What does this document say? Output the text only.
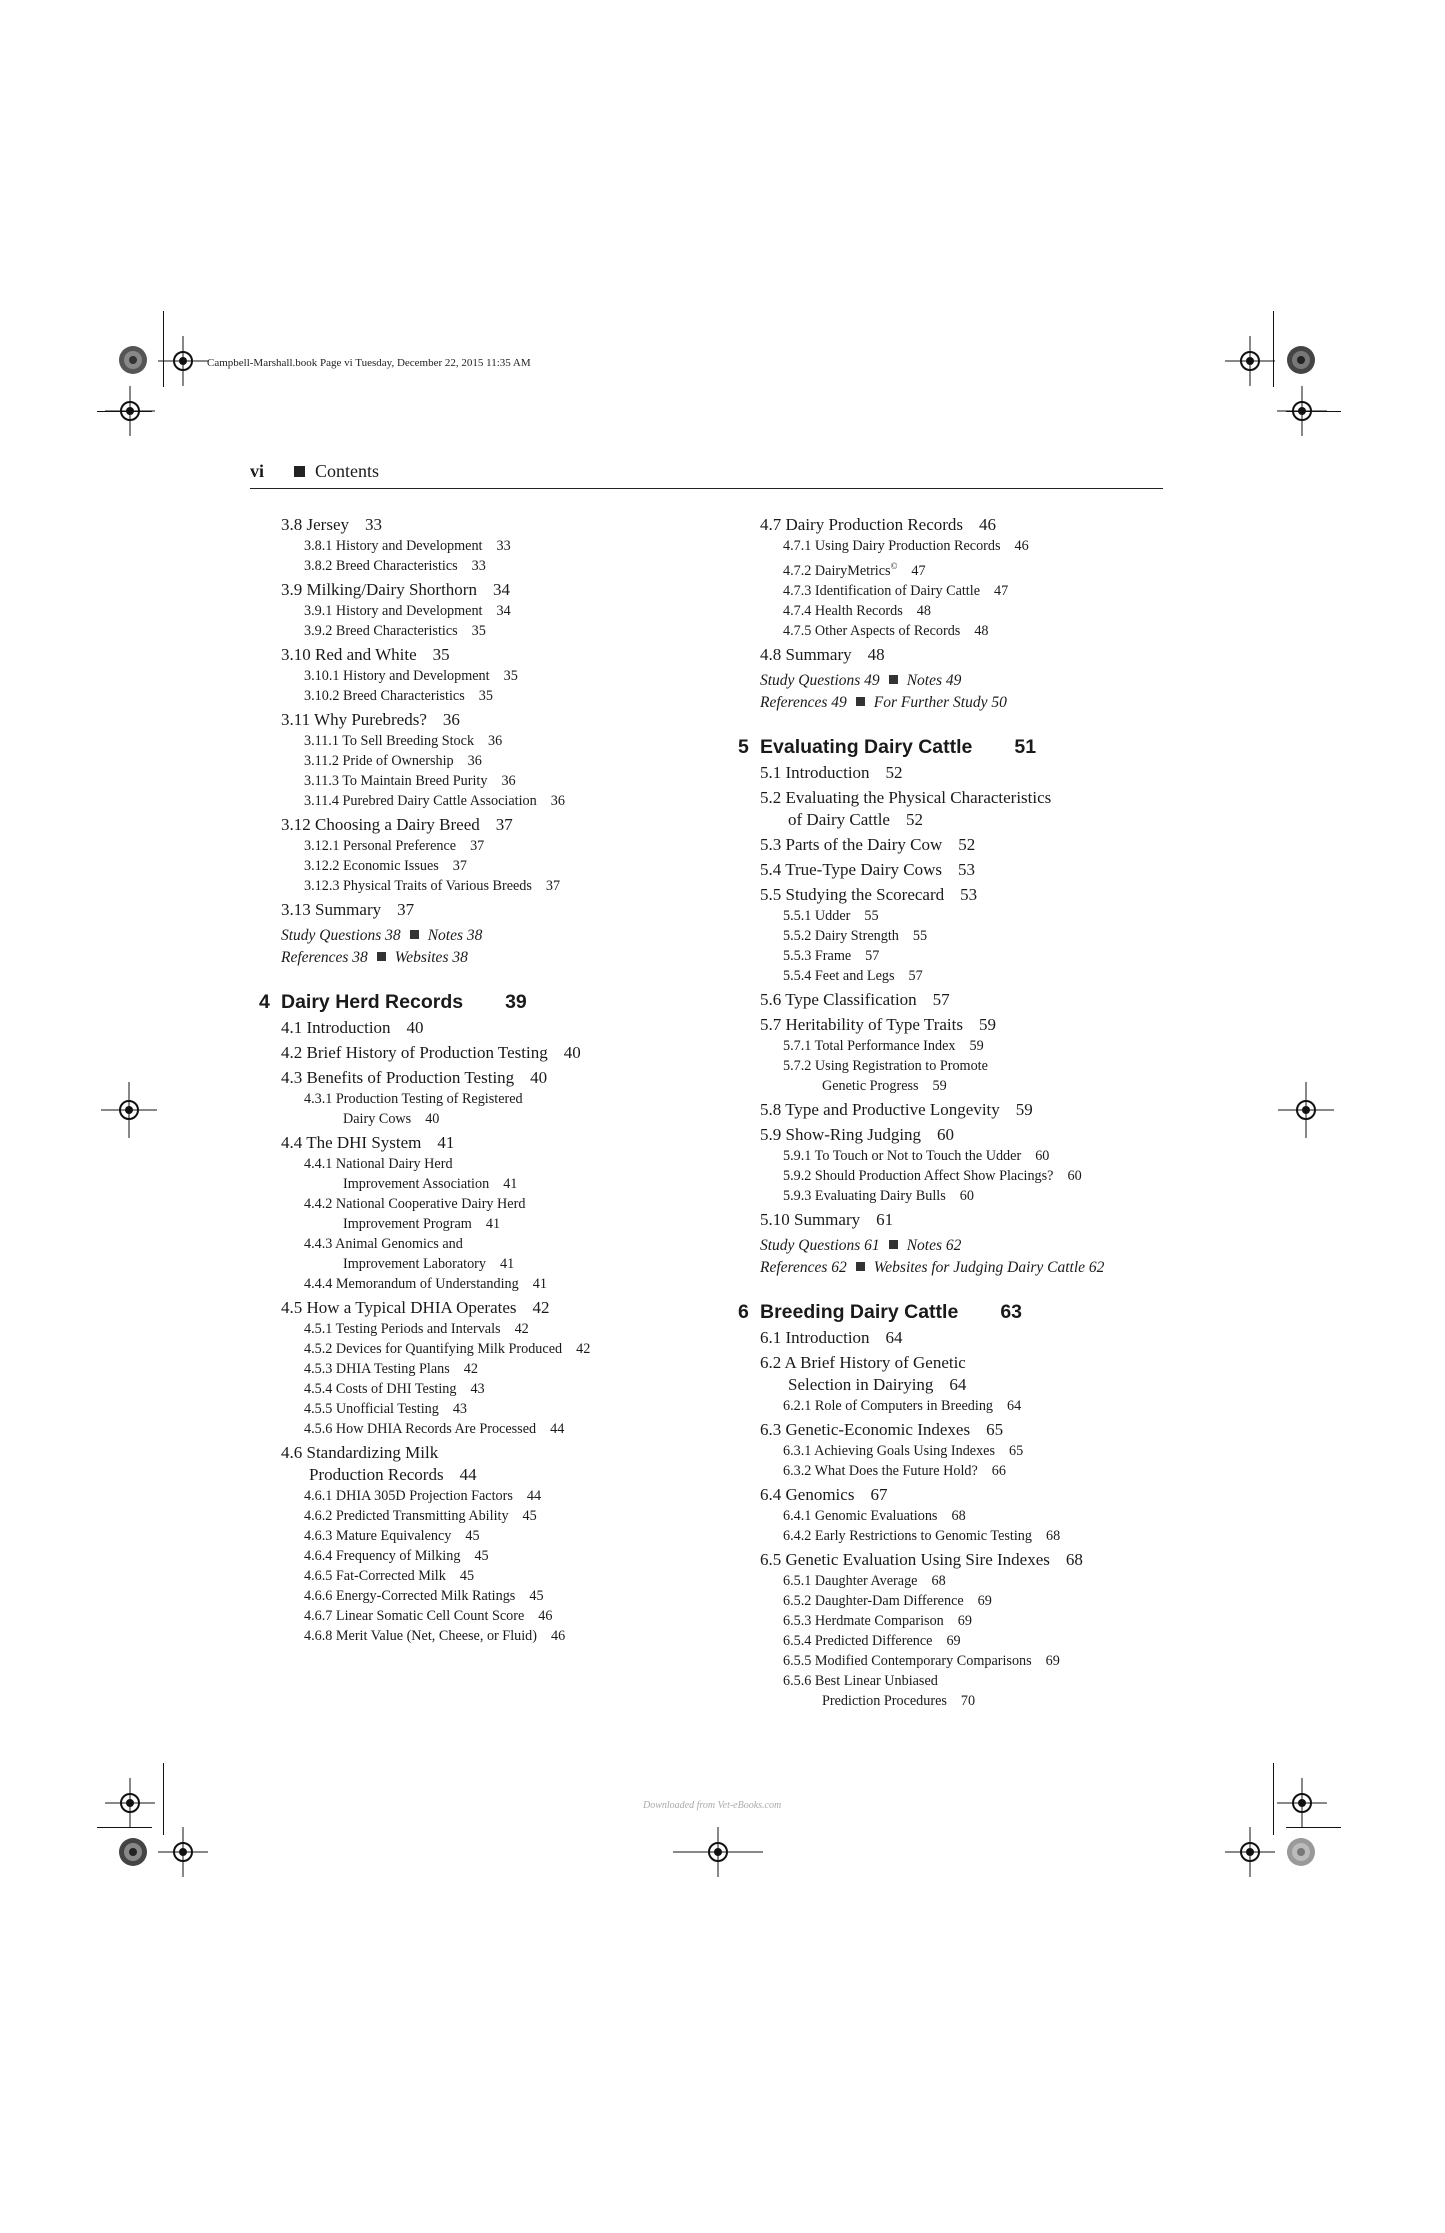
Campbell-Marshall.book Page vi Tuesday, December 22, 2015 11:35 AM
vi	Contents
3.8 Jersey 33
3.8.1 History and Development 33
3.8.2 Breed Characteristics 33
3.9 Milking/Dairy Shorthorn 34
3.9.1 History and Development 34
3.9.2 Breed Characteristics 35
3.10 Red and White 35
3.10.1 History and Development 35
3.10.2 Breed Characteristics 35
3.11 Why Purebreds? 36
3.11.1 To Sell Breeding Stock 36
3.11.2 Pride of Ownership 36
3.11.3 To Maintain Breed Purity 36
3.11.4 Purebred Dairy Cattle Association 36
3.12 Choosing a Dairy Breed 37
3.12.1 Personal Preference 37
3.12.2 Economic Issues 37
3.12.3 Physical Traits of Various Breeds 37
3.13 Summary 37
Study Questions 38 Notes 38
References 38 Websites 38
4 Dairy Herd Records 39
4.1 Introduction 40
4.2 Brief History of Production Testing 40
4.3 Benefits of Production Testing 40
4.3.1 Production Testing of Registered
Dairy Cows 40
4.4 The DHI System 41
4.4.1 National Dairy Herd
Improvement Association 41
4.4.2 National Cooperative Dairy Herd
Improvement Program 41
4.4.3 Animal Genomics and
Improvement Laboratory 41
4.4.4 Memorandum of Understanding 41
4.5 How a Typical DHIA Operates 42
4.5.1 Testing Periods and Intervals 42
4.5.2 Devices for Quantifying Milk Produced 42
4.5.3 DHIA Testing Plans 42
4.5.4 Costs of DHI Testing 43
4.5.5 Unofficial Testing 43
4.5.6 How DHIA Records Are Processed 44
4.6 Standardizing Milk
Production Records 44
4.6.1 DHIA 305D Projection Factors 44
4.6.2 Predicted Transmitting Ability 45
4.6.3 Mature Equivalency 45
4.6.4 Frequency of Milking 45
4.6.5 Fat-Corrected Milk 45
4.6.6 Energy-Corrected Milk Ratings 45
4.6.7 Linear Somatic Cell Count Score 46
4.6.8 Merit Value (Net, Cheese, or Fluid) 46
4.7 Dairy Production Records 46
4.7.1 Using Dairy Production Records 46
4.7.2 DairyMetrics© 47
4.7.3 Identification of Dairy Cattle 47
4.7.4 Health Records 48
4.7.5 Other Aspects of Records 48
4.8 Summary 48
Study Questions 49 Notes 49
References 49 For Further Study 50
5 Evaluating Dairy Cattle 51
5.1 Introduction 52
5.2 Evaluating the Physical Characteristics
of Dairy Cattle 52
5.3 Parts of the Dairy Cow 52
5.4 True-Type Dairy Cows 53
5.5 Studying the Scorecard 53
5.5.1 Udder 55
5.5.2 Dairy Strength 55
5.5.3 Frame 57
5.5.4 Feet and Legs 57
5.6 Type Classification 57
5.7 Heritability of Type Traits 59
5.7.1 Total Performance Index 59
5.7.2 Using Registration to Promote
Genetic Progress 59
5.8 Type and Productive Longevity 59
5.9 Show-Ring Judging 60
5.9.1 To Touch or Not to Touch the Udder 60
5.9.2 Should Production Affect Show Placings? 60
5.9.3 Evaluating Dairy Bulls 60
5.10 Summary 61
Study Questions 61 Notes 62
References 62 Websites for Judging Dairy Cattle 62
6 Breeding Dairy Cattle 63
6.1 Introduction 64
6.2 A Brief History of Genetic
Selection in Dairying 64
6.2.1 Role of Computers in Breeding 64
6.3 Genetic-Economic Indexes 65
6.3.1 Achieving Goals Using Indexes 65
6.3.2 What Does the Future Hold? 66
6.4 Genomics 67
6.4.1 Genomic Evaluations 68
6.4.2 Early Restrictions to Genomic Testing 68
6.5 Genetic Evaluation Using Sire Indexes 68
6.5.1 Daughter Average 68
6.5.2 Daughter-Dam Difference 69
6.5.3 Herdmate Comparison 69
6.5.4 Predicted Difference 69
6.5.5 Modified Contemporary Comparisons 69
6.5.6 Best Linear Unbiased
Prediction Procedures 70
Downloaded from Vet-eBooks.com
